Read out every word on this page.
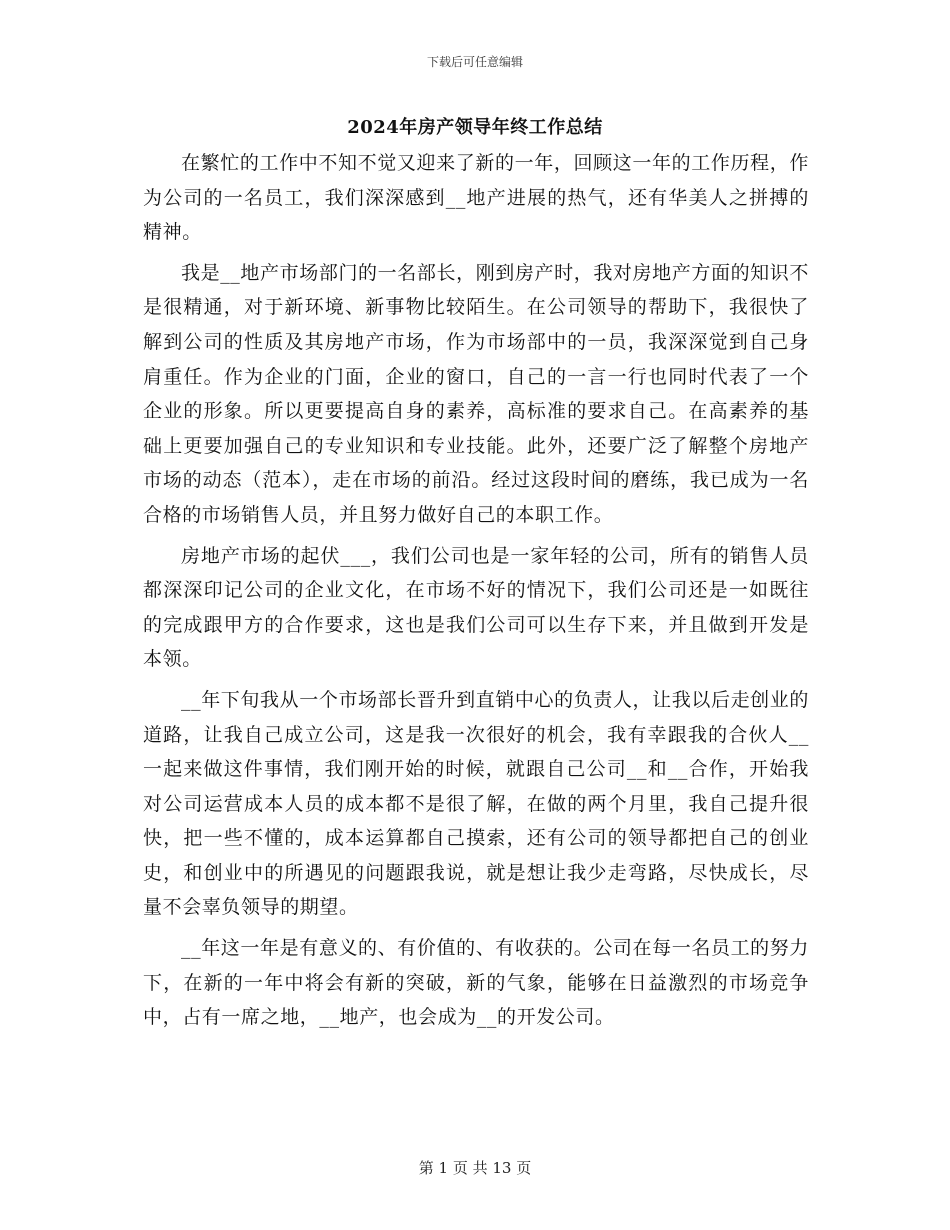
下载后可任意编辑
2024年房产领导年终工作总结

在繁忙的工作中不知不觉又迎来了新的一年，回顾这一年的工作历程，作为公司的一名员工，我们深深感到__地产进展的热气，还有华美人之拼搏的精神。

我是__地产市场部门的一名部长，刚到房产时，我对房地产方面的知识不是很精通，对于新环境、新事物比较陌生。在公司领导的帮助下，我很快了解到公司的性质及其房地产市场，作为市场部中的一员，我深深觉到自己身肩重任。作为企业的门面，企业的窗口，自己的一言一行也同时代表了一个企业的形象。所以更要提高自身的素养，高标准的要求自己。在高素养的基础上更要加强自己的专业知识和专业技能。此外，还要广泛了解整个房地产市场的动态（范本），走在市场的前沿。经过这段时间的磨练，我已成为一名合格的市场销售人员，并且努力做好自己的本职工作。

房地产市场的起伏___，我们公司也是一家年轻的公司，所有的销售人员都深深印记公司的企业文化，在市场不好的情况下，我们公司还是一如既往的完成跟甲方的合作要求，这也是我们公司可以生存下来，并且做到开发是本领。

__年下旬我从一个市场部长晋升到直销中心的负责人，让我以后走创业的道路，让我自己成立公司，这是我一次很好的机会，我有幸跟我的合伙人__一起来做这件事情，我们刚开始的时候，就跟自己公司__和__合作，开始我对公司运营成本人员的成本都不是很了解，在做的两个月里，我自己提升很快，把一些不懂的，成本运算都自己摸索，还有公司的领导都把自己的创业史，和创业中的所遇见的问题跟我说，就是想让我少走弯路，尽快成长，尽量不会辜负领导的期望。

__年这一年是有意义的、有价值的、有收获的。公司在每一名员工的努力下，在新的一年中将会有新的突破，新的气象，能够在日益激烈的市场竞争中，占有一席之地，__地产，也会成为__的开发公司。

第 1 页 共 13 页
